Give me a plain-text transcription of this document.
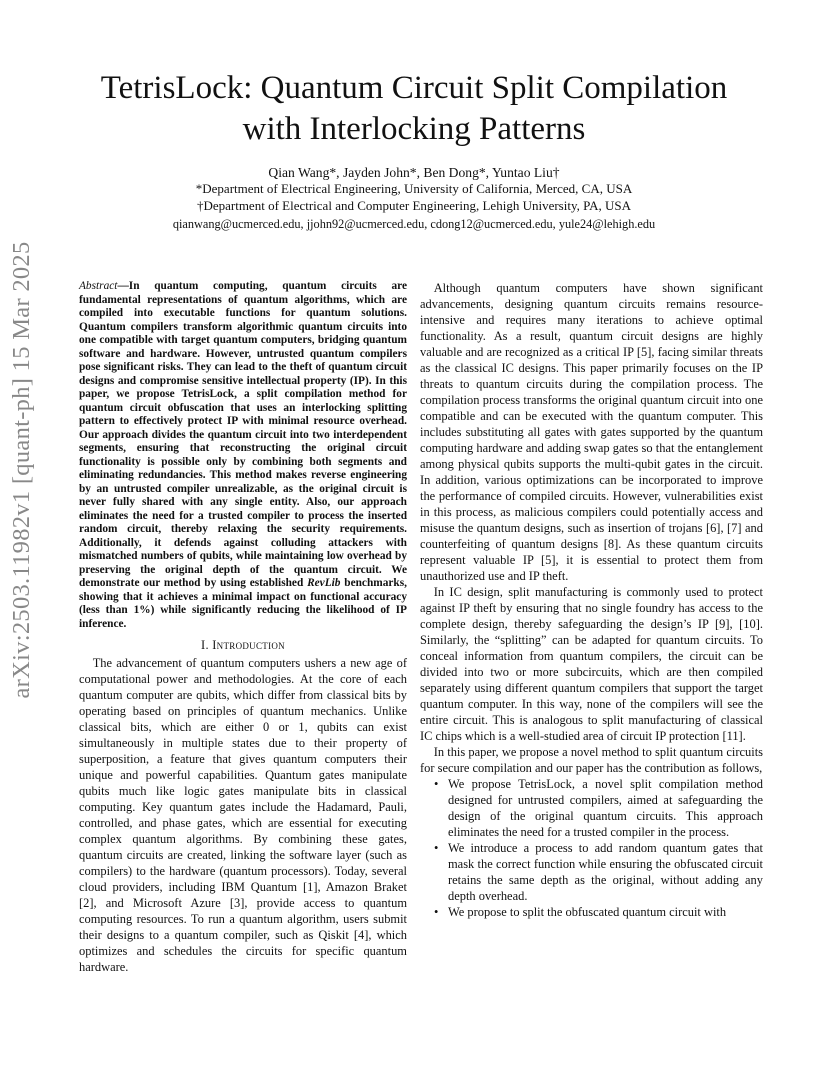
arXiv:2503.11982v1 [quant-ph] 15 Mar 2025
TetrisLock: Quantum Circuit Split Compilation
with Interlocking Patterns
Qian Wang*, Jayden John*, Ben Dong*, Yuntao Liu†
*Department of Electrical Engineering, University of California, Merced, CA, USA
†Department of Electrical and Computer Engineering, Lehigh University, PA, USA
qianwang@ucmerced.edu, jjohn92@ucmerced.edu, cdong12@ucmerced.edu, yule24@lehigh.edu

Abstract—In quantum computing, quantum circuits are fundamental representations of quantum algorithms, which are compiled into executable functions for quantum solutions. Quantum compilers transform algorithmic quantum circuits into one compatible with target quantum computers, bridging quantum software and hardware. However, untrusted quantum compilers pose significant risks. They can lead to the theft of quantum circuit designs and compromise sensitive intellectual property (IP). In this paper, we propose TetrisLock, a split compilation method for quantum circuit obfuscation that uses an interlocking splitting pattern to effectively protect IP with minimal resource overhead. Our approach divides the quantum circuit into two interdependent segments, ensuring that reconstructing the original circuit functionality is possible only by combining both segments and eliminating redundancies. This method makes reverse engineering by an untrusted compiler unrealizable, as the original circuit is never fully shared with any single entity. Also, our approach eliminates the need for a trusted compiler to process the inserted random circuit, thereby relaxing the security requirements. Additionally, it defends against colluding attackers with mismatched numbers of qubits, while maintaining low overhead by preserving the original depth of the quantum circuit. We demonstrate our method by using established RevLib benchmarks, showing that it achieves a minimal impact on functional accuracy (less than 1%) while significantly reducing the likelihood of IP inference.

I. Introduction

The advancement of quantum computers ushers a new age of computational power and methodologies. At the core of each quantum computer are qubits, which differ from classical bits by operating based on principles of quantum mechanics. Unlike classical bits, which are either 0 or 1, qubits can exist simultaneously in multiple states due to their property of superposition, a feature that gives quantum computers their unique and powerful capabilities. Quantum gates manipulate qubits much like logic gates manipulate bits in classical computing. Key quantum gates include the Hadamard, Pauli, controlled, and phase gates, which are essential for executing complex quantum algorithms. By combining these gates, quantum circuits are created, linking the software layer (such as compilers) to the hardware (quantum processors). Today, several cloud providers, including IBM Quantum [1], Amazon Braket [2], and Microsoft Azure [3], provide access to quantum computing resources. To run a quantum algorithm, users submit their designs to a quantum compiler, such as Qiskit [4], which optimizes and schedules the circuits for specific quantum hardware.

Although quantum computers have shown significant advancements, designing quantum circuits remains resource-intensive and requires many iterations to achieve optimal functionality. As a result, quantum circuit designs are highly valuable and are recognized as a critical IP [5], facing similar threats as the classical IC designs. This paper primarily focuses on the IP threats to quantum circuits during the compilation process. The compilation process transforms the original quantum circuit into one compatible and can be executed with the quantum computer. This includes substituting all gates with gates supported by the quantum computing hardware and adding swap gates so that the entanglement among physical qubits supports the multi-qubit gates in the circuit. In addition, various optimizations can be incorporated to improve the performance of compiled circuits. However, vulnerabilities exist in this process, as malicious compilers could potentially access and misuse the quantum designs, such as insertion of trojans [6], [7] and counterfeiting of quantum designs [8]. As these quantum circuits represent valuable IP [5], it is essential to protect them from unauthorized use and IP theft.

In IC design, split manufacturing is commonly used to protect against IP theft by ensuring that no single foundry has access to the complete design, thereby safeguarding the design’s IP [9], [10]. Similarly, the “splitting” can be adapted for quantum circuits. To conceal information from quantum compilers, the circuit can be divided into two or more subcircuits, which are then compiled separately using different quantum compilers that support the target quantum computer. In this way, none of the compilers will see the entire circuit. This is analogous to split manufacturing of classical IC chips which is a well-studied area of circuit IP protection [11].

In this paper, we propose a novel method to split quantum circuits for secure compilation and our paper has the contribution as follows,

• We propose TetrisLock, a novel split compilation method designed for untrusted compilers, aimed at safeguarding the design of the original quantum circuits. This approach eliminates the need for a trusted compiler in the process.
• We introduce a process to add random quantum gates that mask the correct function while ensuring the obfuscated circuit retains the same depth as the original, without adding any depth overhead.
• We propose to split the obfuscated quantum circuit with
